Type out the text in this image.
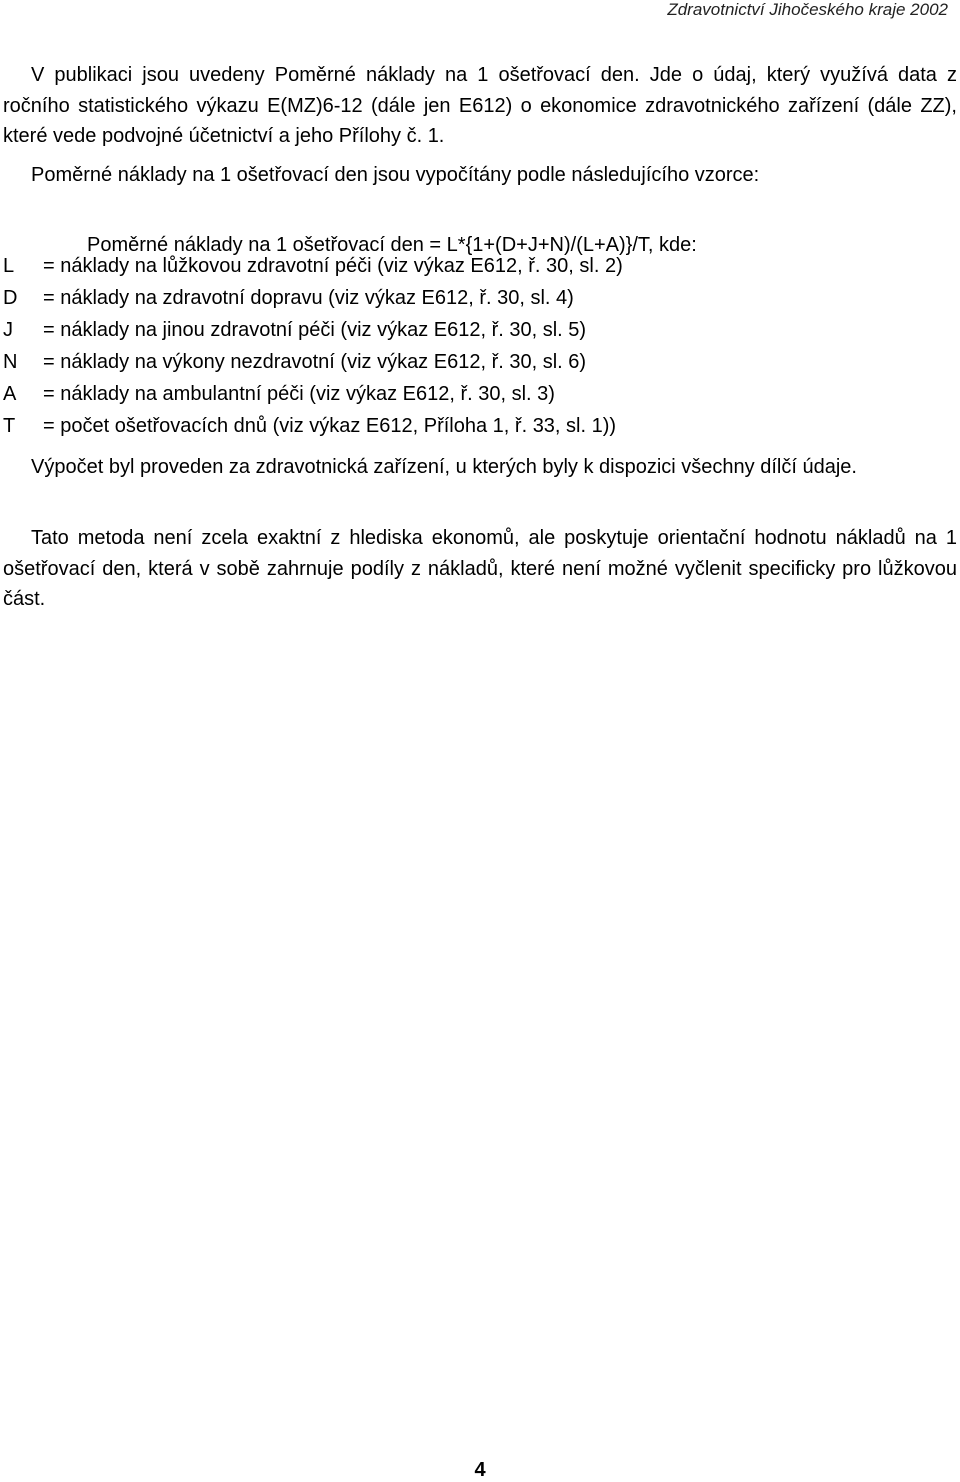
Zdravotnictví Jihočeského kraje 2002

V publikaci jsou uvedeny Poměrné náklady na 1 ošetřovací den. Jde o údaj, který využívá data z ročního statistického výkazu E(MZ)6-12 (dále jen E612) o ekonomice zdravotnického zařízení (dále ZZ), které vede podvojné účetnictví a jeho Přílohy č. 1.

Poměrné náklady na 1 ošetřovací den jsou vypočítány podle následujícího vzorce:

Poměrné náklady na 1 ošetřovací den = L*{1+(D+J+N)/(L+A)}/T, kde:
L = náklady na lůžkovou zdravotní péči (viz výkaz E612, ř. 30, sl. 2)
D = náklady na zdravotní dopravu (viz výkaz E612, ř. 30, sl. 4)
J = náklady na jinou zdravotní péči (viz výkaz E612, ř. 30, sl. 5)
N = náklady na výkony nezdravotní (viz výkaz E612, ř. 30, sl. 6)
A = náklady na ambulantní péči (viz výkaz E612, ř. 30, sl. 3)
T = počet ošetřovacích dnů (viz výkaz E612, Příloha 1, ř. 33, sl. 1))

Výpočet byl proveden za zdravotnická zařízení, u kterých byly k dispozici všechny dílčí údaje.

Tato metoda není zcela exaktní z hlediska ekonomů, ale poskytuje orientační hodnotu nákladů na 1 ošetřovací den, která v sobě zahrnuje podíly z nákladů, které není možné vyčlenit specificky pro lůžkovou část.

4
